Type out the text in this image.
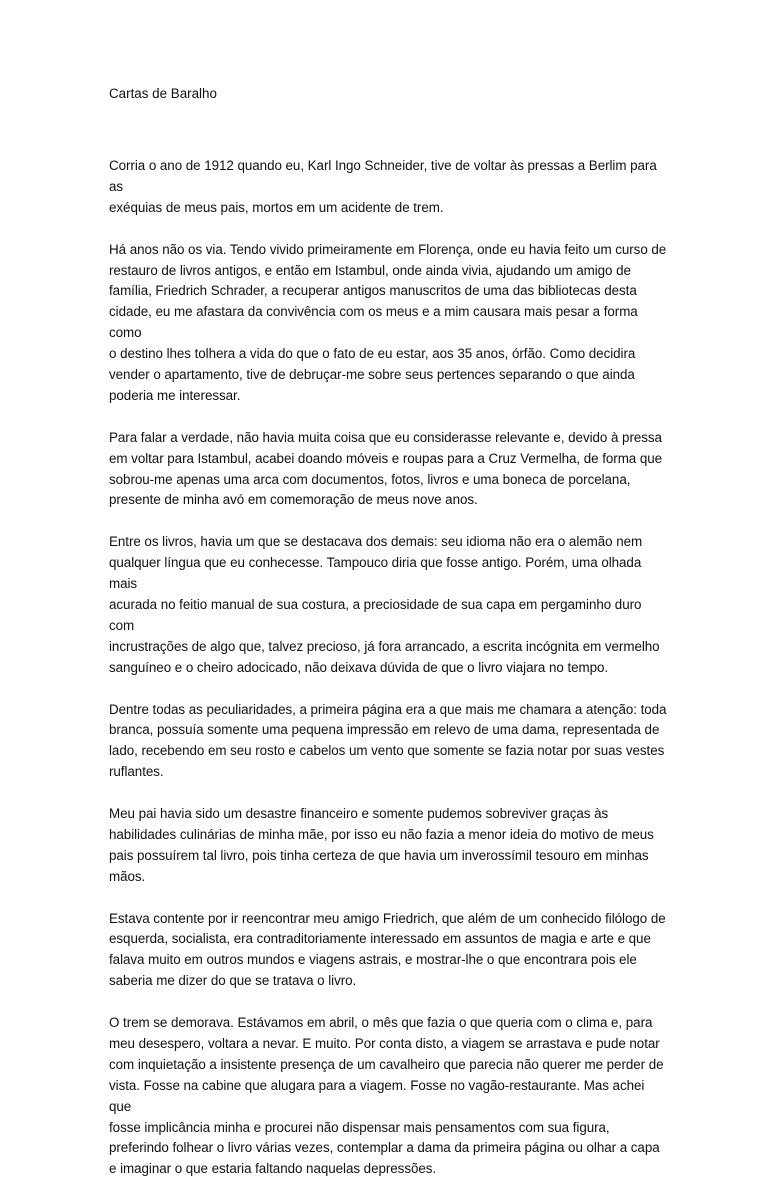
Cartas de Baralho

Corria o ano de 1912 quando eu, Karl Ingo Schneider, tive de voltar às pressas a Berlim para as
exéquias de meus pais, mortos em um acidente de trem.

Há anos não os via. Tendo vivido primeiramente em Florença, onde eu havia feito um curso de
restauro de livros antigos, e então em Istambul, onde ainda vivia, ajudando um amigo de
família, Friedrich Schrader, a recuperar antigos manuscritos de uma das bibliotecas desta
cidade, eu me afastara da convivência com os meus e a mim causara mais pesar a forma como
o destino lhes tolhera a vida do que o fato de eu estar, aos 35 anos, órfão. Como decidira
vender o apartamento, tive de debruçar-me sobre seus pertences separando o que ainda
poderia me interessar.

Para falar a verdade, não havia muita coisa que eu considerasse relevante e, devido à pressa
em voltar para Istambul, acabei doando móveis e roupas para a Cruz Vermelha, de forma que
sobrou-me apenas uma arca com documentos, fotos, livros e uma boneca de porcelana,
presente de minha avó em comemoração de meus nove anos.

Entre os livros, havia um que se destacava dos demais: seu idioma não era o alemão nem
qualquer língua que eu conhecesse. Tampouco diria que fosse antigo. Porém, uma olhada mais
acurada no feitio manual de sua costura, a preciosidade de sua capa em pergaminho duro com
incrustrações de algo que, talvez precioso, já fora arrancado, a escrita incógnita em vermelho
sanguíneo e o cheiro adocicado, não deixava dúvida de que o livro viajara no tempo.

Dentre todas as peculiaridades, a primeira página era a que mais me chamara a atenção: toda
branca, possuía somente uma pequena impressão em relevo de uma dama, representada de
lado, recebendo em seu rosto e cabelos um vento que somente se fazia notar por suas vestes
ruflantes.

Meu pai havia sido um desastre financeiro e somente pudemos sobreviver graças às
habilidades culinárias de minha mãe, por isso eu não fazia a menor ideia do motivo de meus
pais possuírem tal livro, pois tinha certeza de que havia um inverossímil tesouro em minhas
mãos.

Estava contente por ir reencontrar meu amigo Friedrich, que além de um conhecido filólogo de
esquerda, socialista, era contraditoriamente interessado em assuntos de magia e arte e que
falava muito em outros mundos e viagens astrais, e mostrar-lhe o que encontrara pois ele
saberia me dizer do que se tratava o livro.

O trem se demorava. Estávamos em abril, o mês que fazia o que queria com o clima e, para
meu desespero, voltara a nevar. E muito. Por conta disto, a viagem se arrastava e pude notar
com inquietação a insistente presença de um cavalheiro que parecia não querer me perder de
vista. Fosse na cabine que alugara para a viagem. Fosse no vagão-restaurante. Mas achei que
fosse implicância minha e procurei não dispensar mais pensamentos com sua figura,
preferindo folhear o livro várias vezes, contemplar a dama da primeira página ou olhar a capa
e imaginar o que estaria faltando naquelas depressões.
